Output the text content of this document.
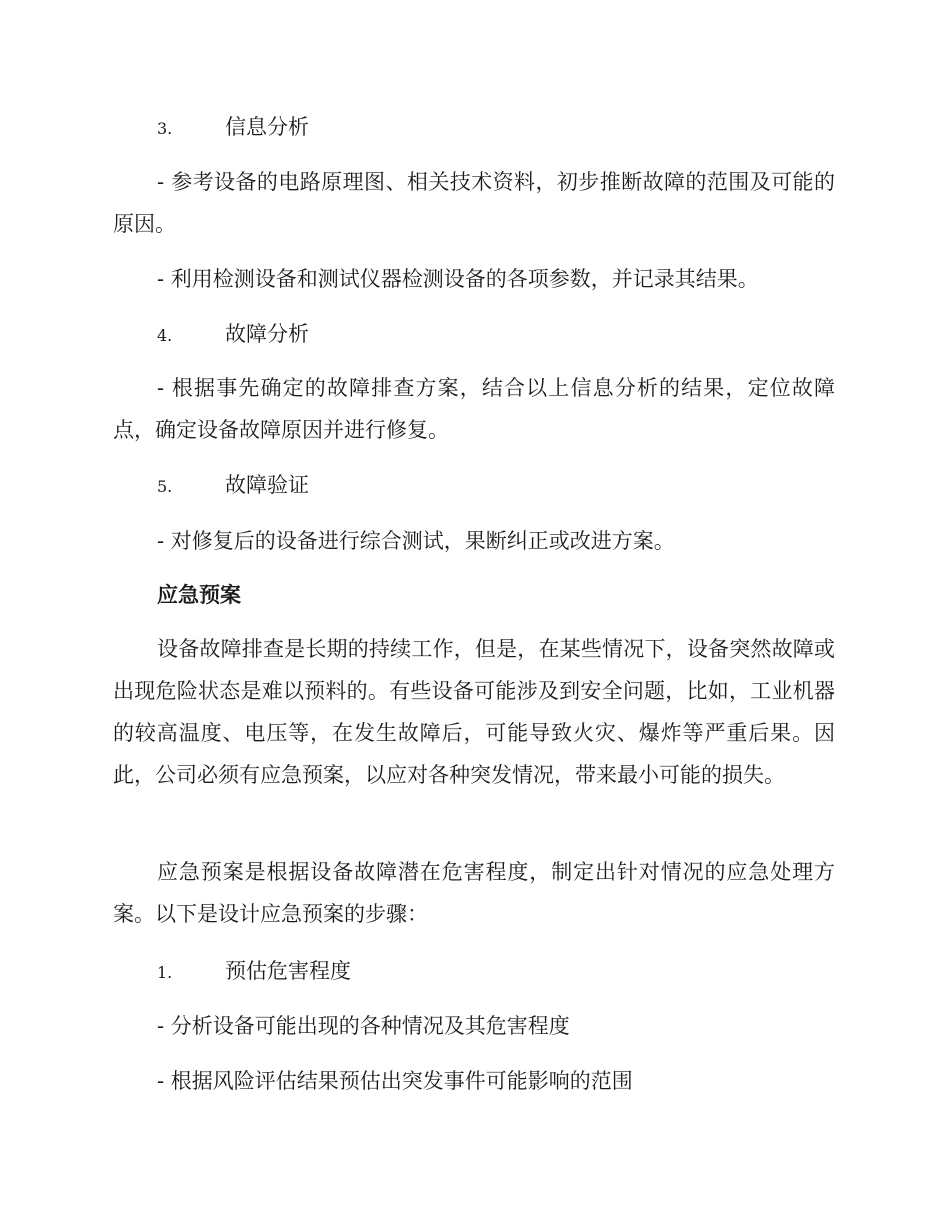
3.	信息分析
- 参考设备的电路原理图、相关技术资料，初步推断故障的范围及可能的原因。
- 利用检测设备和测试仪器检测设备的各项参数，并记录其结果。
4.	故障分析
- 根据事先确定的故障排查方案，结合以上信息分析的结果，定位故障点，确定设备故障原因并进行修复。
5.	故障验证
- 对修复后的设备进行综合测试，果断纠正或改进方案。
应急预案
设备故障排查是长期的持续工作，但是，在某些情况下，设备突然故障或出现危险状态是难以预料的。有些设备可能涉及到安全问题，比如，工业机器的较高温度、电压等，在发生故障后，可能导致火灾、爆炸等严重后果。因此，公司必须有应急预案，以应对各种突发情况，带来最小可能的损失。
应急预案是根据设备故障潜在危害程度，制定出针对情况的应急处理方案。以下是设计应急预案的步骤：
1.	预估危害程度
- 分析设备可能出现的各种情况及其危害程度
- 根据风险评估结果预估出突发事件可能影响的范围
